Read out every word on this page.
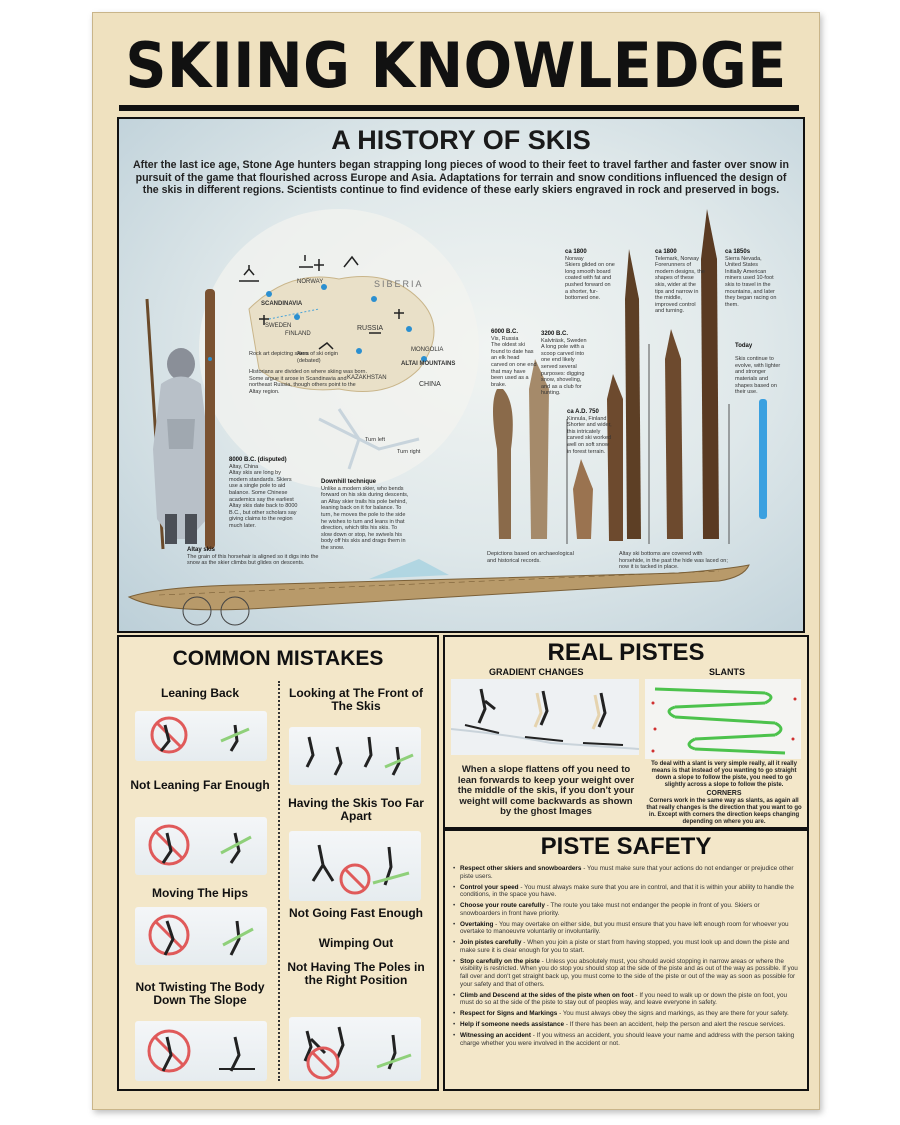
SKIING KNOWLEDGE
A HISTORY OF SKIS
After the last ice age, Stone Age hunters began strapping long pieces of wood to their feet to travel farther and faster over snow in pursuit of the game that flourished across Europe and Asia. Adaptations for terrain and snow conditions influenced the design of the skis in different regions. Scientists continue to find evidence of these early skiers engraved in rock and preserved in bogs.
SCANDINAVIA
SIBERIA
RUSSIA
MONGOLIA
ALTAI MOUNTAINS
KAZAKHSTAN
CHINA
SWEDEN
FINLAND
NORWAY
Rock art depicting skiers
Area of ski origin (debated)
Historians are divided on where skiing was born. Some argue it arose in Scandinavia and northeast Russia, though others point to the Altay region.
8000 B.C. (disputed)
Altay, China
Altay skis are long by modern standards. Skiers use a single pole to aid balance. Some Chinese academics say the earliest Altay skis date back to 8000 B.C., but other scholars say giving claims to the region much later.
Downhill technique
Unlike a modern skier, who bends forward on his skis during descents, an Altay skier trails his pole behind, leaning back on it for balance. To turn, he moves the pole to the side he wishes to turn and leans in that direction, which tilts his skis. To slow down or stop, he swivels his body off his skis and drags them in the snow.
Turn left
Turn right
Altay skis
The grain of this horsehair is aligned so it digs into the snow as the skier climbs but glides on descents.
6000 B.C.
Vis, Russia
The oldest ski found to date has an elk head carved on one end that may have been used as a brake.
3200 B.C.
Kalvträsk, Sweden
A long pole with a scoop carved into one end likely served several purposes: digging snow, shoveling, and as a club for hunting.
ca A.D. 750
Kinnula, Finland
Shorter and wider, this intricately carved ski worked well on soft snow in forest terrain.
ca 1800
Norway
Skiers glided on one long smooth board coated with fat and pushed forward on a shorter, fur-bottomed one.
ca 1800
Telemark, Norway
Forerunners of modern designs, the shapes of these skis, wider at the tips and narrow in the middle, improved control and turning.
ca 1850s
Sierra Nevada, United States
Initially American miners used 10-foot skis to travel in the mountains, and later they began racing on them.
Today

Skis continue to evolve, with lighter and stronger materials and shapes based on their use.
Depictions based on archaeological and historical records.
Altay ski bottoms are covered with horsehide, in the past the hide was laced on; now it is tacked in place.
COMMON MISTAKES
Leaning Back
Not Leaning Far Enough
Moving The Hips
Not Twisting The Body Down The Slope
Looking at The Front of The Skis
Having the Skis Too Far Apart
Not Going Fast Enough
Wimping Out
Not Having The Poles in the Right Position
REAL PISTES
GRADIENT CHANGES	SLANTS
When a slope flattens off you need to lean forwards to keep your weight over the middle of the skis, if you don't your weight will come backwards as shown by the ghost Images
To deal with a slant is very simple really, all it really means is that instead of you wanting to go straight down a slope to follow the piste, you need to go slightly across a slope to follow the piste.
CORNERS
Corners work in the same way as slants, as again all that really changes is the direction that you want to go in. Except with corners the direction keeps changing depending on where you are.
PISTE SAFETY
• Respect other skiers and snowboarders - You must make sure that your actions do not endanger or prejudice other piste users.
• Control your speed - You must always make sure that you are in control, and that it is within your ability to handle the conditions, in the space you have.
• Choose your route carefully - The route you take must not endanger the people in front of you. Skiers or snowboarders in front have priority.
• Overtaking - You may overtake on either side, but you must ensure that you have left enough room for whoever you overtake to manoeuvre voluntarily or involuntarily.
• Join pistes carefully - When you join a piste or start from having stopped, you must look up and down the piste and make sure it is clear enough for you to start.
• Stop carefully on the piste - Unless you absolutely must, you should avoid stopping in narrow areas or where the visibility is restricted. When you do stop you should stop at the side of the piste and as out of the way as possible. If you fall over and don't get straight back up, you must come to the side of the piste or out of the way as soon as possible for your safety and that of others.
• Climb and Descend at the sides of the piste when on foot - If you need to walk up or down the piste on foot, you must do so at the side of the piste to stay out of peoples way, and leave everyone in safety.
• Respect for Signs and Markings - You must always obey the signs and markings, as they are there for your safety.
• Help if someone needs assistance - If there has been an accident, help the person and alert the rescue services.
• Witnessing an accident - If you witness an accident, you should leave your name and address with the person taking charge whether you were involved in the accident or not.
